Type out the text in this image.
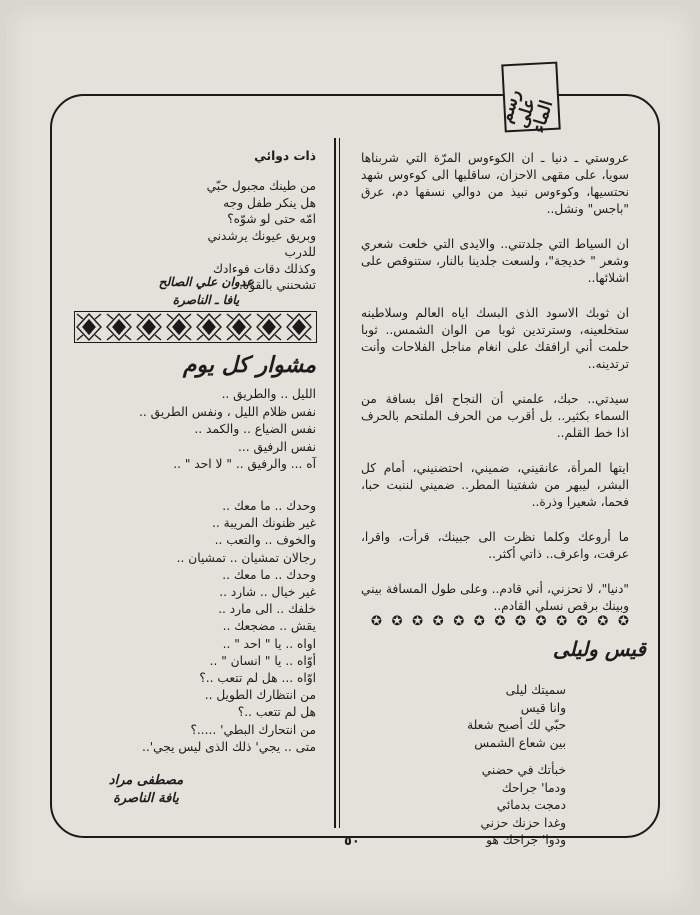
رسم على الماء

عروستي ـ دنيا ـ ان الكوءوس المرّة التي شربناها سويا، على مقهى الاحزان، ساقلبها الى كوءوس شهد نحتسيها، وكوءوس نبيذ من دوالي نسفها دم، عرق "باجس" ونشل..

ان السياط التي جلدتني.. والايدى التي خلعت شعري وشعر " خديجة"، ولسعت جلدينا بالنار، ستنوقص على اشلائها..

ان ثوبك الاسود الذى البسك اياه العالم وسلاطينه ستخلعينه، وسترتدين ثوبا من الوان الشمس.. ثوبا حلمت أني ارافقك على انغام مناجل الفلاحات وأنت ترتدينه..

سيدتي.. حبك، علمني أن النجاح اقل بسافة من السماء بكثير.. بل أقرب من الحرف الملتحم بالحرف اذا خط القلم..

ايتها المرأة، عانقيني، ضميني، احتضنيني، أمام كل البشر، ليبهر من شفتينا المطر.. ضميني لننبت حبا، فحما، شعيرا وذرة..

ما أروعك وكلما نظرت الى جبينك، قرأت، واقرا، عرفت، واعرف.. ذاتي أكثر..

"دنيا"، لا تحزني، أني قادم.. وعلى طول المسافة بيني وبينك برقص نسلي القادم..

✪ ✪ ✪ ✪ ✪ ✪ ✪ ✪ ✪ ✪ ✪ ✪ ✪
قيس وليلى

سميتك ليلى

وانا قيس

حبّي لك أصبح شعلة

بين شعاع الشمس

خبأتك في حضني

ودما' جراحك

دمجت بدمائي

وغدا حزنك حزني

ودوا' جراحك هو

ذات دوائي

من طينك مجبول حبّي

هل ينكر طفل وجه

امّه حتى لو شوّه؟

وبريق عيونك يرشدني

للدرب

وكذلك دقات فوءادك

تشحنني بالقوّة.

عدوان علي الصالح

يافا ـ الناصرة

مشوار كل يوم

الليل .. والطريق ..

نفس ظلام الليل ، ونفس الطريق ..

نفس الضياع .. والكمد ..

نفس الرفيق ...

آه ... والرفيق .. " لا احد " ..

وحدك .. ما معك ..

غير ظنونك المريبة ..

والخوف .. والتعب ..

رجالان تمشيان .. تمشيان ..

وحدك .. ما معك ..

غير خيال .. شارد ..

خلفك .. الى مارد ..

يقش .. مضجعك ..

اواه .. يا " احد " ..

أوّاه .. يا " انسان " ..

اوّاه ... هل لم تتعب ..؟

من انتظارك الطويل ..

هل لم تتعب ..؟

من انتحارك البطي' .....؟

متى .. يجي' ذلك الذى ليس يجي'..

مصطفى مراد

يافة الناصرة

٥٠
